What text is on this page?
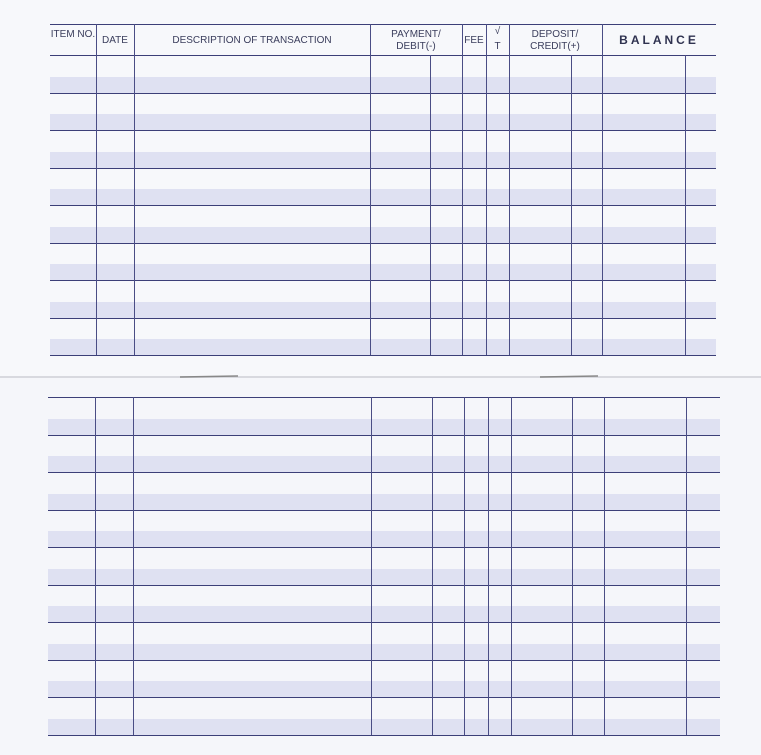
ITEM NO.
DATE	DESCRIPTION OF TRANSACTION
PAYMENT/ DEBIT(-)
FEE
√
T
DEPOSIT/ CREDIT(+)	BALANCE
